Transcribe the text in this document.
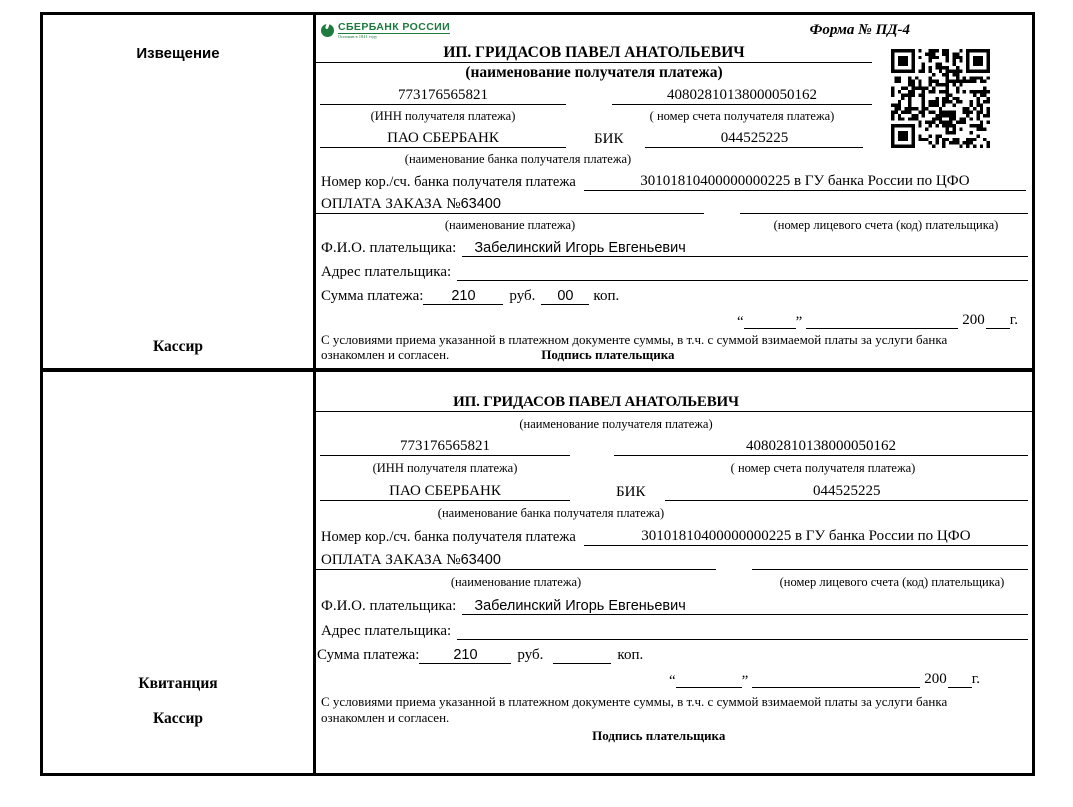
Извещение
Кассир
СБЕРБАНК РОССИИ
Основан в 1841 году	Форма № ПД-4
ИП. ГРИДАСОВ ПАВЕЛ АНАТОЛЬЕВИЧ
(наименование получателя платежа)
773176565821	40802810138000050162
(ИНН получателя платежа)	( номер счета получателя платежа)
ПАО СБЕРБАНК	БИК	044525225
(наименование банка получателя платежа)
Номер кор./сч. банка получателя платежа	30101810400000000225 в ГУ банка России по ЦФО
ОПЛАТА ЗАКАЗА №63400
(наименование платежа)	(номер лицевого счета (код) плательщика)
Ф.И.О. плательщика:	Забелинский Игорь Евгеньевич
Адрес плательщика:
Сумма платежа:	210	руб.	00	коп.
“	”	200 г.
С условиями приема указанной в платежном документе суммы, в т.ч. с суммой взимаемой платы за услуги банка
ознакомлен и согласен.	Подпись плательщика
Квитанция
Кассир
ИП. ГРИДАСОВ ПАВЕЛ АНАТОЛЬЕВИЧ
(наименование получателя платежа)
773176565821	40802810138000050162
(ИНН получателя платежа)	( номер счета получателя платежа)
ПАО СБЕРБАНК	БИК	044525225
(наименование банка получателя платежа)
Номер кор./сч. банка получателя платежа	30101810400000000225 в ГУ банка России по ЦФО
ОПЛАТА ЗАКАЗА №63400
(наименование платежа)	(номер лицевого счета (код) плательщика)
Ф.И.О. плательщика:	Забелинский Игорь Евгеньевич
Адрес плательщика:
Сумма платежа:	210	руб.	коп.
“	”	200 г.
С условиями приема указанной в платежном документе суммы, в т.ч. с суммой взимаемой платы за услуги банка
ознакомлен и согласен.
Подпись плательщика
